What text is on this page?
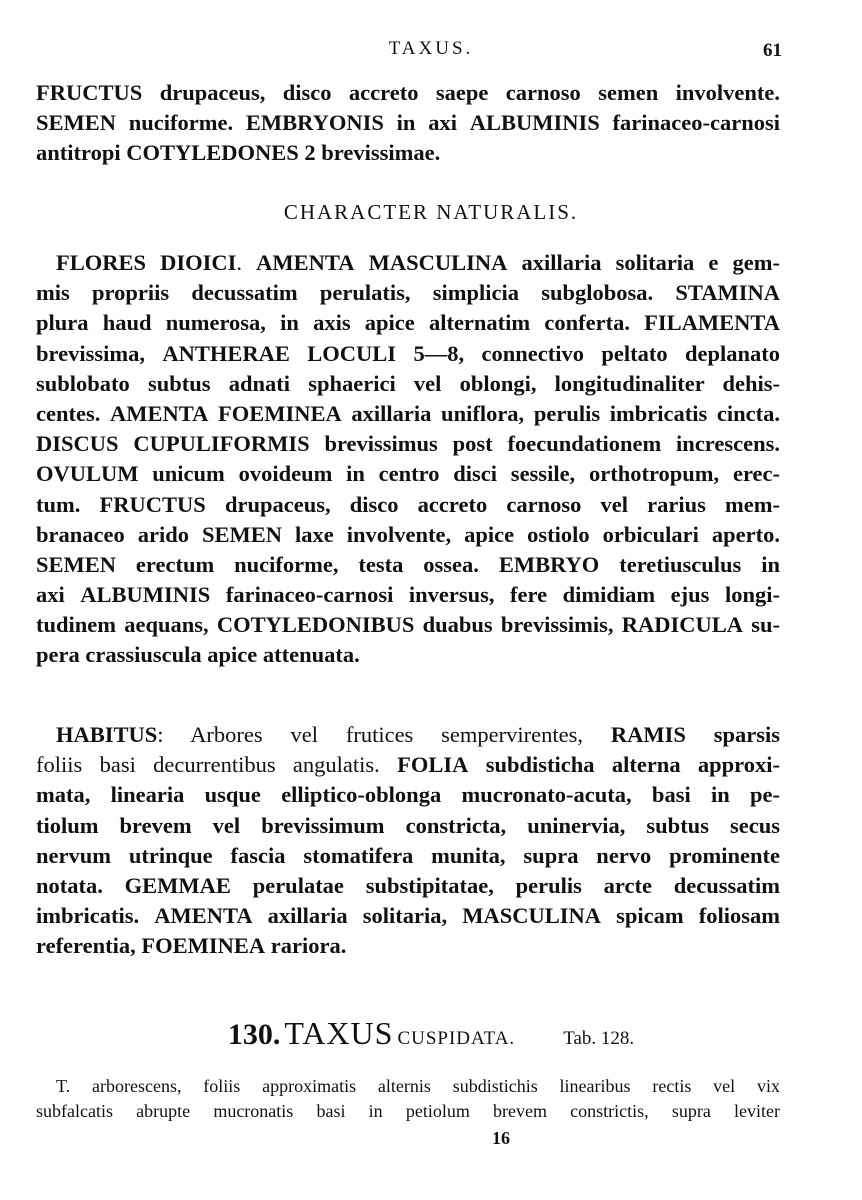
TAXUS.	61
FRUCTUS drupaceus, disco accreto saepe carnoso semen involvente.
SEMEN nuciforme. EMBRYONIS in axi ALBUMINIS farinaceo-carnosi
antitropi COTYLEDONES 2 brevissimae.
CHARACTER NATURALIS.
FLORES DIOICI. AMENTA MASCULINA axillaria solitaria e gem-
mis propriis decussatim perulatis, simplicia subglobosa. STAMINA
plura haud numerosa, in axis apice alternatim conferta. FILAMENTA
brevissima, ANTHERAE LOCULI 5—8, connectivo peltato deplanato
sublobato subtus adnati sphaerici vel oblongi, longitudinaliter dehis-
centes. AMENTA FOEMINEA axillaria uniflora, perulis imbricatis cincta.
DISCUS CUPULIFORMIS brevissimus post foecundationem increscens.
OVULUM unicum ovoideum in centro disci sessile, orthotropum, erec-
tum. FRUCTUS drupaceus, disco accreto carnoso vel rarius mem-
branaceo arido SEMEN laxe involvente, apice ostiolo orbiculari aperto.
SEMEN erectum nuciforme, testa ossea. EMBRYO teretiusculus in
axi ALBUMINIS farinaceo-carnosi inversus, fere dimidiam ejus longi-
tudinem aequans, COTYLEDONIBUS duabus brevissimis, RADICULA su-
pera crassiuscula apice attenuata.
HABITUS: Arbores vel frutices sempervirentes, RAMIS sparsis
foliis basi decurrentibus angulatis. FOLIA subdisticha alterna approxi-
mata, linearia usque elliptico-oblonga mucronato-acuta, basi in pe-
tiolum brevem vel brevissimum constricta, uninervia, subtus secus
nervum utrinque fascia stomatifera munita, supra nervo prominente
notata. GEMMAE perulatae substipitatae, perulis arcte decussatim
imbricatis. AMENTA axillaria solitaria, MASCULINA spicam foliosam
referentia, FOEMINEA rariora.
130. TAXUS CUSPIDATA.	Tab. 128.
T. arborescens, foliis approximatis alternis subdistichis linearibus rectis vel vix
subfalcatis abrupte mucronatis basi in petiolum brevem constrictis, supra leviter
16
